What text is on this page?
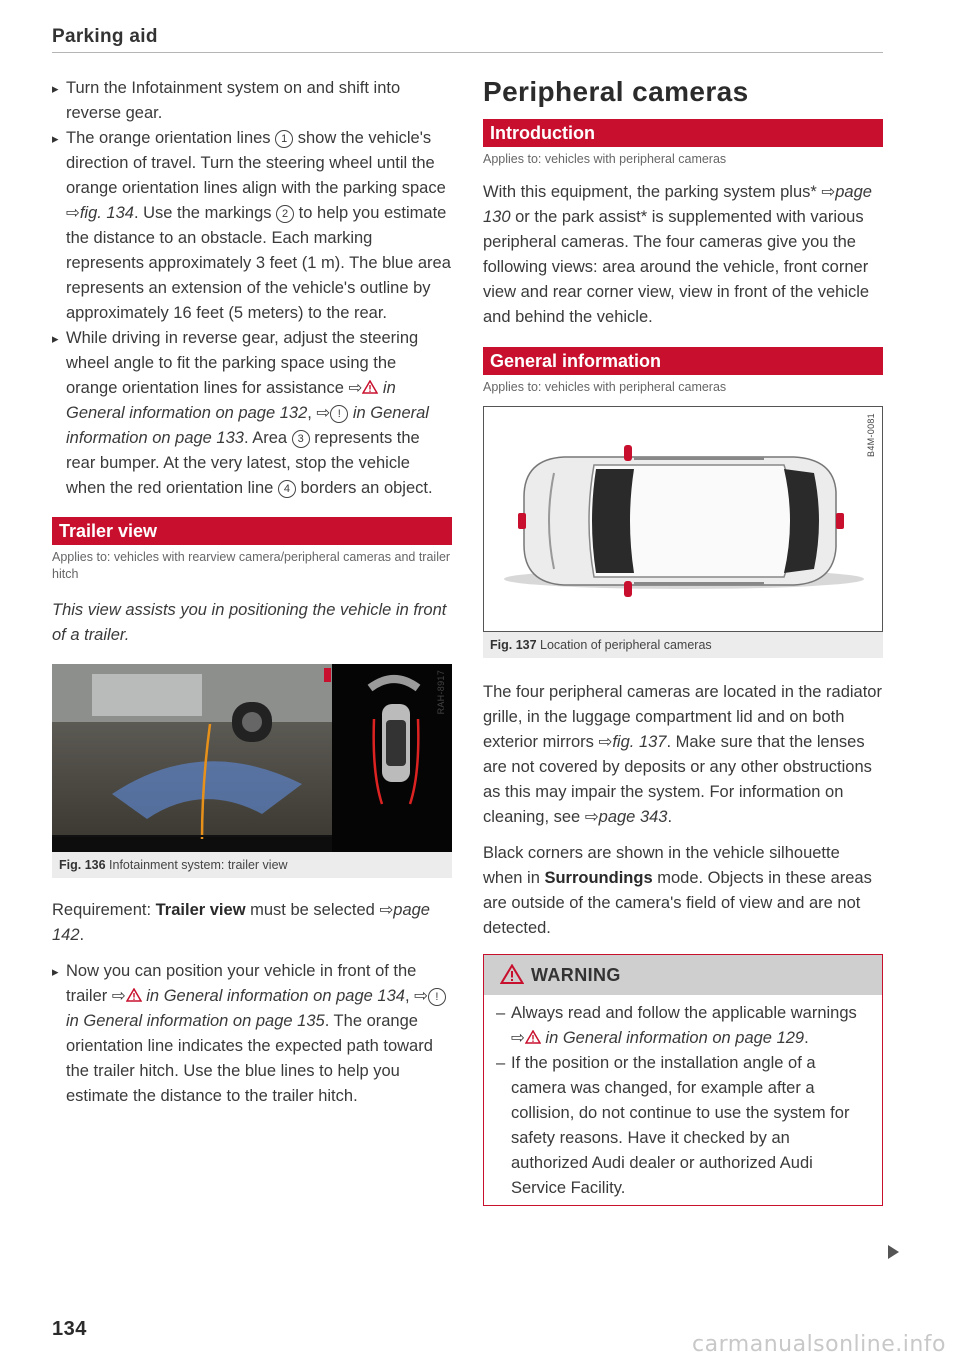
Parking aid
▸ Turn the Infotainment system on and shift into reverse gear.
▸ The orange orientation lines 1 show the vehicle's direction of travel. Turn the steering wheel until the orange orientation lines align with the parking space ⇨fig. 134. Use the markings 2 to help you estimate the distance to an obstacle. Each marking represents approximately 3 feet (1 m). The blue area represents an extension of the vehicle's outline by approximately 16 feet (5 meters) to the rear.
▸ While driving in reverse gear, adjust the steering wheel angle to fit the parking space using the orange orientation lines for assistance ⇨ in General information on page 132, ⇨ ! in General information on page 133. Area 3 represents the rear bumper. At the very latest, stop the vehicle when the red orientation line 4 borders an object.
Trailer view
Applies to: vehicles with rearview camera/peripheral cameras and trailer hitch

This view assists you in positioning the vehicle in front of a trailer.

RAH-8917
Fig. 136 Infotainment system: trailer view

Requirement: Trailer view must be selected ⇨page 142.

▸ Now you can position your vehicle in front of the trailer ⇨ in General information on page 134, ⇨ ! in General information on page 135. The orange orientation line indicates the expected path toward the trailer hitch. Use the blue lines to help you estimate the distance to the trailer hitch.
Peripheral cameras
Introduction
Applies to: vehicles with peripheral cameras

With this equipment, the parking system plus* ⇨page 130 or the park assist* is supplemented with various peripheral cameras. The four cameras give you the following views: area around the vehicle, front corner view and rear corner view, view in front of the vehicle and behind the vehicle.

General information
Applies to: vehicles with peripheral cameras
B4M-0081
Fig. 137 Location of peripheral cameras

The four peripheral cameras are located in the radiator grille, in the luggage compartment lid and on both exterior mirrors ⇨fig. 137. Make sure that the lenses are not covered by deposits or any other obstructions as this may impair the system. For information on cleaning, see ⇨page 343.

Black corners are shown in the vehicle silhouette when in Surroundings mode. Objects in these areas are outside of the camera's field of view and are not detected.

WARNING
– Always read and follow the applicable warnings ⇨ in General information on page 129.
– If the position or the installation angle of a camera was changed, for example after a collision, do not continue to use the system for safety reasons. Have it checked by an authorized Audi dealer or authorized Audi Service Facility.
134
carmanualsonline.info
